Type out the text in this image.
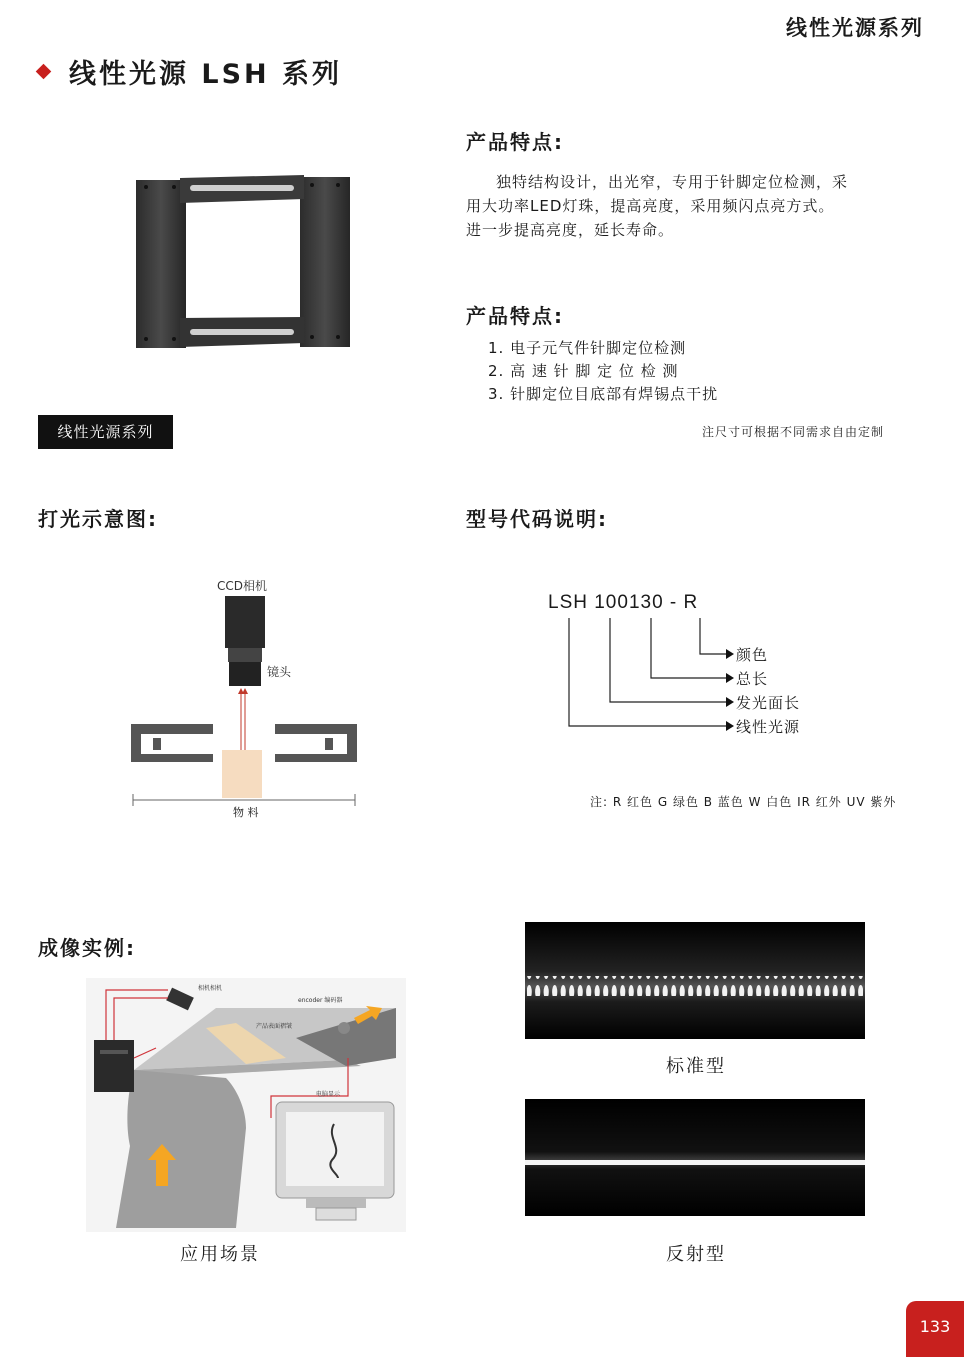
线性光源系列
线性光源 LSH 系列
线性光源系列
产品特点:
独特结构设计，出光窄，专用于针脚定位检测，采
用大功率LED灯珠，提高亮度，采用频闪点亮方式。
进一步提高亮度，延长寿命。
产品特点:
1. 电子元气件针脚定位检测
2. 高 速 针 脚 定 位 检 测
3. 针脚定位目底部有焊锡点干扰
注尺寸可根据不同需求自由定制
打光示意图:	型号代码说明:
CCD相机
镜头
物 料
LSH 100130 - R
颜色
总长
发光面长
线性光源
注: R 红色 G 绿色 B 蓝色 W 白色 IR 红外 UV 紫外
成像实例:
相机相机
encoder 编码器
产品表面褶皱
电脑显示
应用场景
标准型
反射型
133
